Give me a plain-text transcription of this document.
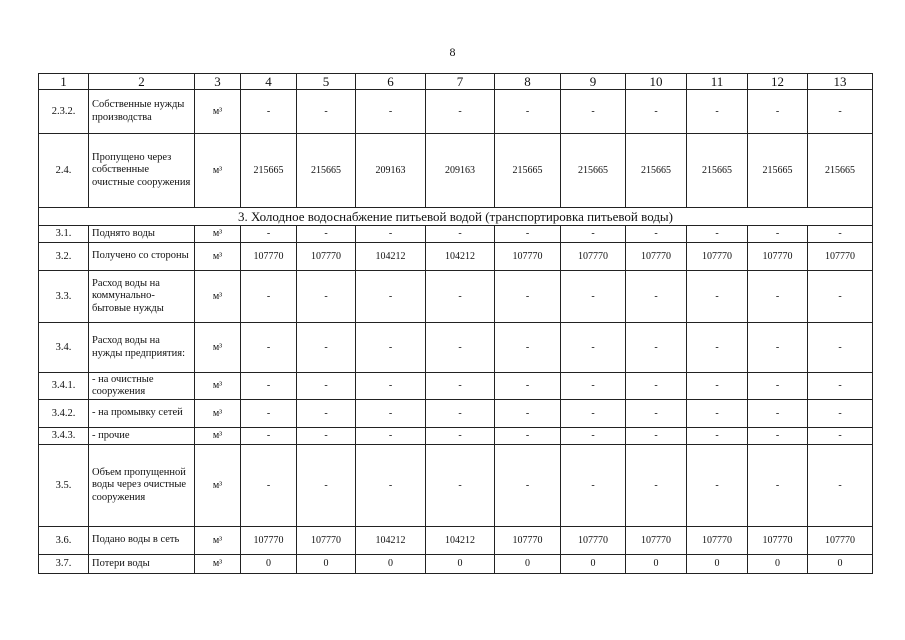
8
1	2	3	4	5	6	7	8	9	10	11	12	13
2.3.2.	Собственные нужды производства	м³	-	-	-	-	-	-	-	-	-	-
2.4.	Пропущено через собственные очистные сооружения	м³	215665	215665	209163	209163	215665	215665	215665	215665	215665	215665
3. Холодное водоснабжение питьевой водой (транспортировка питьевой воды)												
3.1.	Поднято воды	м³	-	-	-	-	-	-	-	-	-	-
3.2.	Получено со стороны	м³	107770	107770	104212	104212	107770	107770	107770	107770	107770	107770
3.3.	Расход воды на коммунально-бытовые нужды	м³	-	-	-	-	-	-	-	-	-	-
3.4.	Расход воды на нужды предприятия:	м³	-	-	-	-	-	-	-	-	-	-
3.4.1.	- на очистные сооружения	м³	-	-	-	-	-	-	-	-	-	-
3.4.2.	- на промывку сетей	м³	-	-	-	-	-	-	-	-	-	-
3.4.3.	- прочие	м³	-	-	-	-	-	-	-	-	-	-
3.5.	Объем пропущенной воды через очистные сооружения	м³	-	-	-	-	-	-	-	-	-	-
3.6.	Подано воды в сеть	м³	107770	107770	104212	104212	107770	107770	107770	107770	107770	107770
3.7.	Потери воды	м³	0	0	0	0	0	0	0	0	0	0
